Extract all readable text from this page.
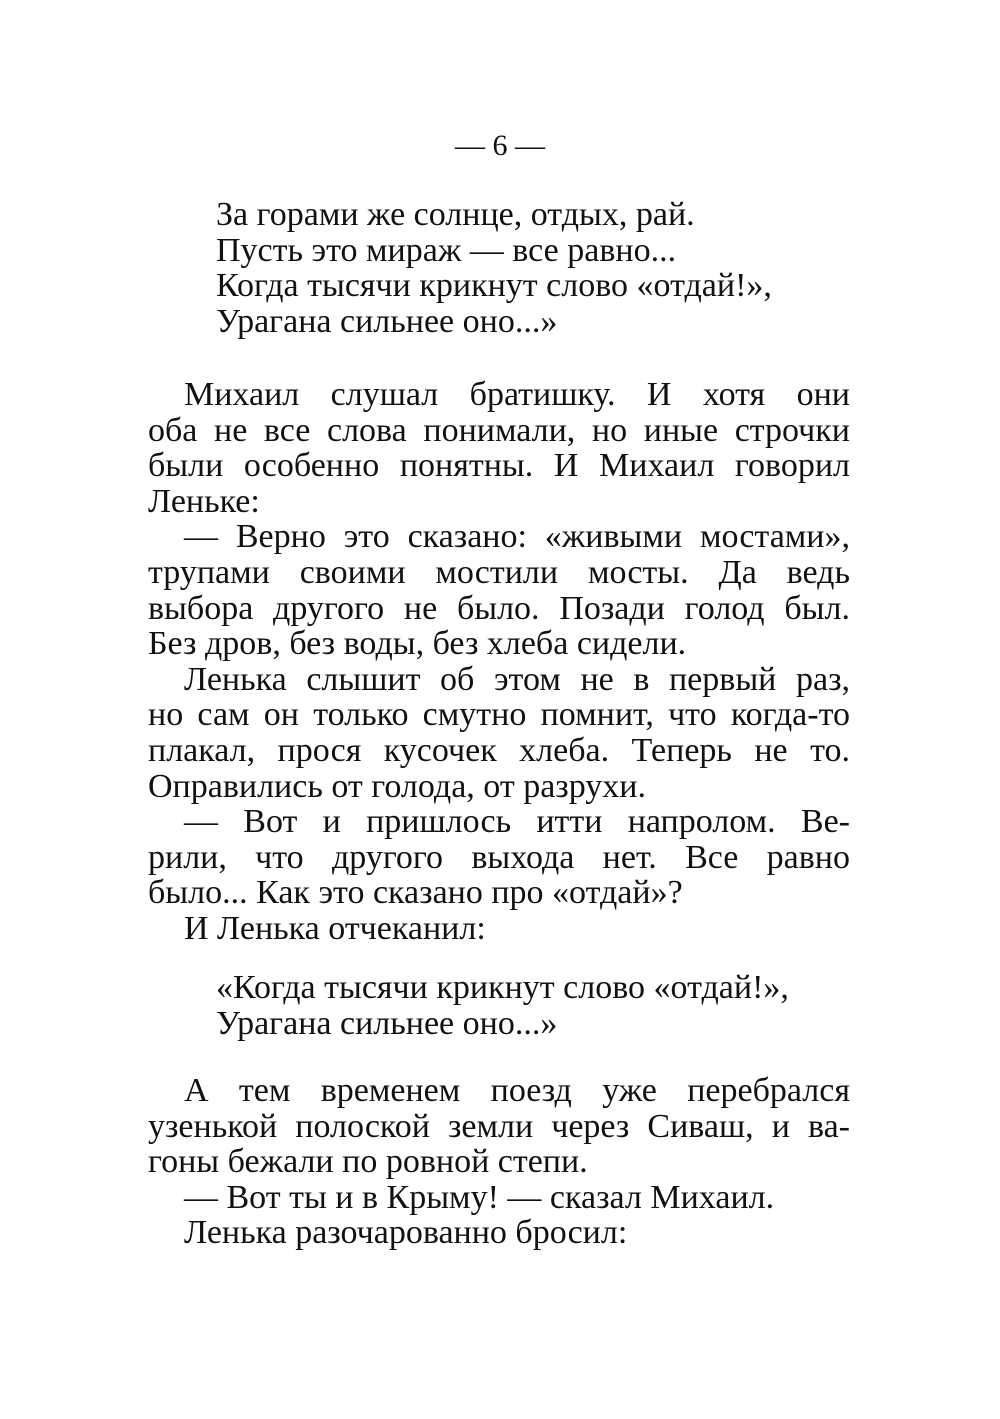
— 6 —
За горами же солнце, отдых, рай.
Пусть это мираж — все равно...
Когда тысячи крикнут слово «отдай!»,
Урагана сильнее оно...»
Михаил слушал братишку. И хотя они
оба не все слова понимали, но иные строчки
были особенно понятны. И Михаил говорил
Леньке:
— Верно это сказано: «живыми мостами»,
трупами своими мостили мосты. Да ведь
выбора другого не было. Позади голод был.
Без дров, без воды, без хлеба сидели.
Ленька слышит об этом не в первый раз,
но сам он только смутно помнит, что когда-то
плакал, прося кусочек хлеба. Теперь не то.
Оправились от голода, от разрухи.
— Вот и пришлось итти напролом. Ве-
рили, что другого выхода нет. Все равно
было... Как это сказано про «отдай»?
И Ленька отчеканил:
«Когда тысячи крикнут слово «отдай!»,
Урагана сильнее оно...»
А тем временем поезд уже перебрался
узенькой полоской земли через Сиваш, и ва-
гоны бежали по ровной степи.
— Вот ты и в Крыму! — сказал Михаил.
Ленька разочарованно бросил:
